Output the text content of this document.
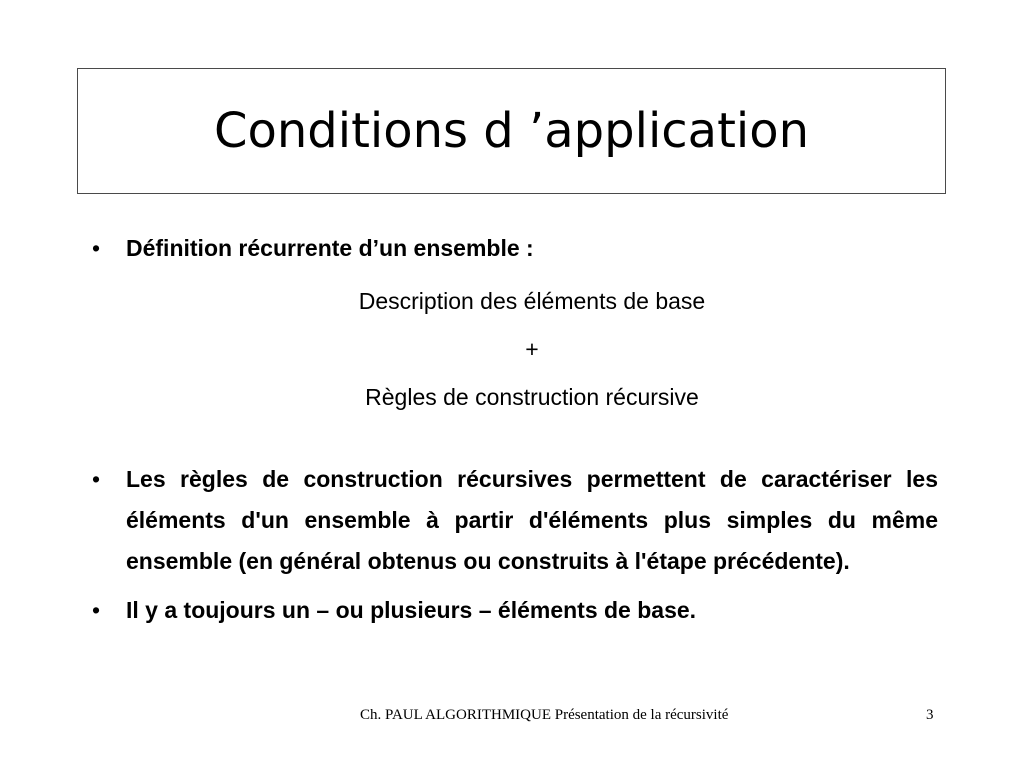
Conditions d ’application
• Définition récurrente d’un ensemble :
Description des éléments de base
+
Règles de construction récursive
• Les règles de construction récursives permettent de caractériser les éléments d'un ensemble à partir d'éléments plus simples du même ensemble (en général obtenus ou construits à l'étape précédente).
• Il y a toujours un – ou plusieurs – éléments de base.
Ch. PAUL ALGORITHMIQUE Présentation de la récursivité	3
